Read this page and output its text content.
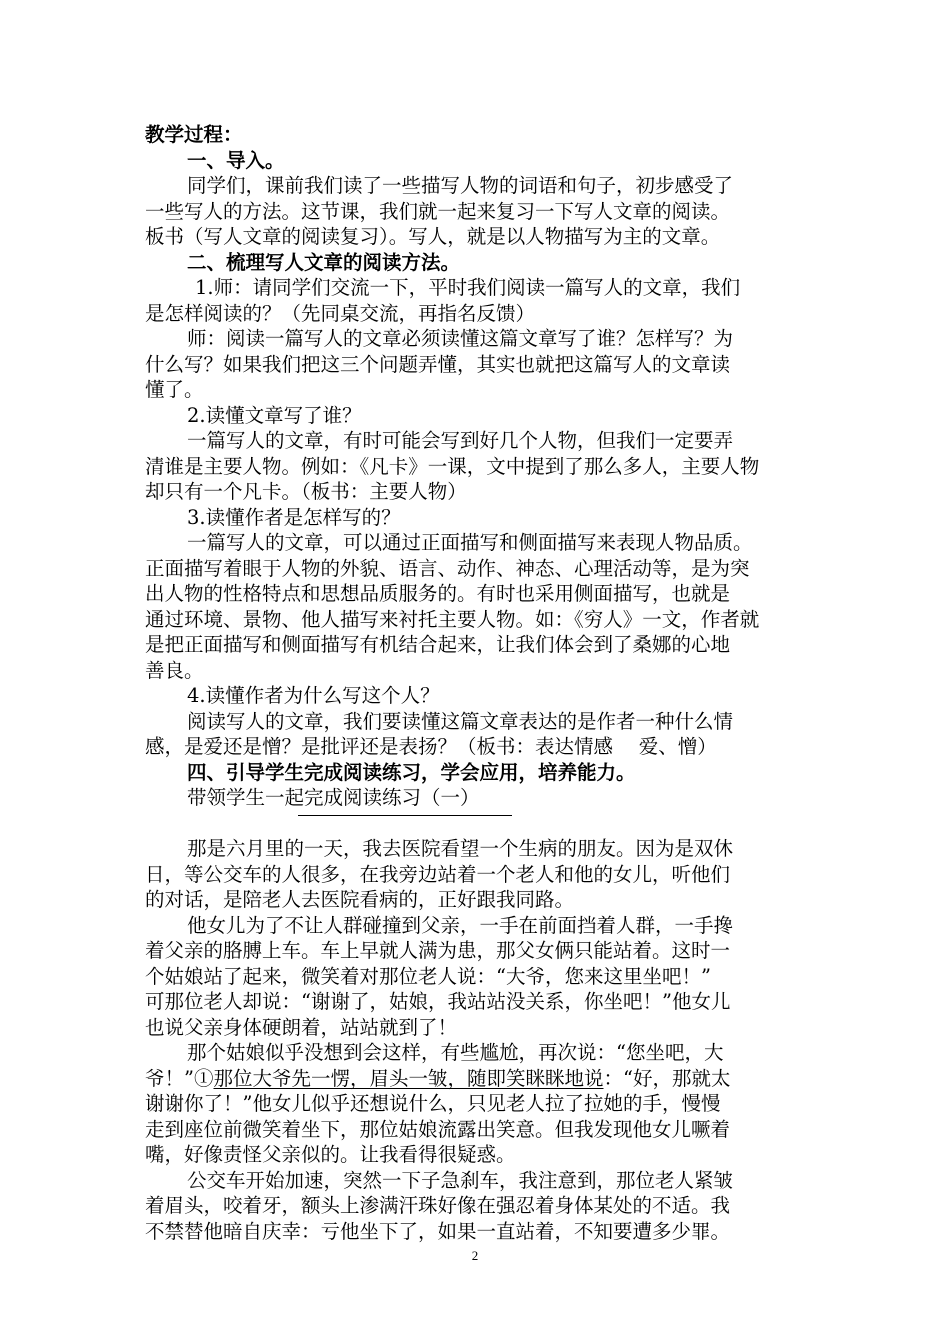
教学过程：
一、导入。
同学们，课前我们读了一些描写人物的词语和句子，初步感受了
一些写人的方法。这节课，我们就一起来复习一下写人文章的阅读。
板书（写人文章的阅读复习）。写人，就是以人物描写为主的文章。
二、梳理写人文章的阅读方法。
1.师：请同学们交流一下，平时我们阅读一篇写人的文章，我们
是怎样阅读的？（先同桌交流，再指名反馈）
师：阅读一篇写人的文章必须读懂这篇文章写了谁？怎样写？为
什么写？如果我们把这三个问题弄懂，其实也就把这篇写人的文章读
懂了。
2.读懂文章写了谁？
一篇写人的文章，有时可能会写到好几个人物，但我们一定要弄
清谁是主要人物。例如：《凡卡》一课，文中提到了那么多人，主要人物
却只有一个凡卡。（板书：主要人物）
3.读懂作者是怎样写的？
一篇写人的文章，可以通过正面描写和侧面描写来表现人物品质。
正面描写着眼于人物的外貌、语言、动作、神态、心理活动等，是为突
出人物的性格特点和思想品质服务的。有时也采用侧面描写，也就是
通过环境、景物、他人描写来衬托主要人物。如：《穷人》一文，作者就
是把正面描写和侧面描写有机结合起来，让我们体会到了桑娜的心地
善良。
4.读懂作者为什么写这个人？
阅读写人的文章，我们要读懂这篇文章表达的是作者一种什么情
感，是爱还是憎？是批评还是表扬？（板书：表达情感　 爱、憎）
四、引导学生完成阅读练习，学会应用，培养能力。
带领学生一起完成阅读练习（一）
那是六月里的一天，我去医院看望一个生病的朋友。因为是双休
日，等公交车的人很多，在我旁边站着一个老人和他的女儿，听他们
的对话，是陪老人去医院看病的，正好跟我同路。
他女儿为了不让人群碰撞到父亲，一手在前面挡着人群，一手搀
着父亲的胳膊上车。车上早就人满为患，那父女俩只能站着。这时一
个姑娘站了起来，微笑着对那位老人说：“大爷，您来这里坐吧！”
可那位老人却说：“谢谢了，姑娘，我站站没关系，你坐吧！”他女儿
也说父亲身体硬朗着，站站就到了！
那个姑娘似乎没想到会这样，有些尴尬，再次说：“您坐吧，大
爷！”①那位大爷先一愣，眉头一皱，随即笑眯眯地说：“好，那就太
谢谢你了！”他女儿似乎还想说什么，只见老人拉了拉她的手，慢慢
走到座位前微笑着坐下，那位姑娘流露出笑意。但我发现他女儿噘着
嘴，好像责怪父亲似的。让我看得很疑惑。
公交车开始加速，突然一下子急刹车，我注意到，那位老人紧皱
着眉头，咬着牙，额头上渗满汗珠好像在强忍着身体某处的不适。我
不禁替他暗自庆幸：亏他坐下了，如果一直站着，不知要遭多少罪。
2
